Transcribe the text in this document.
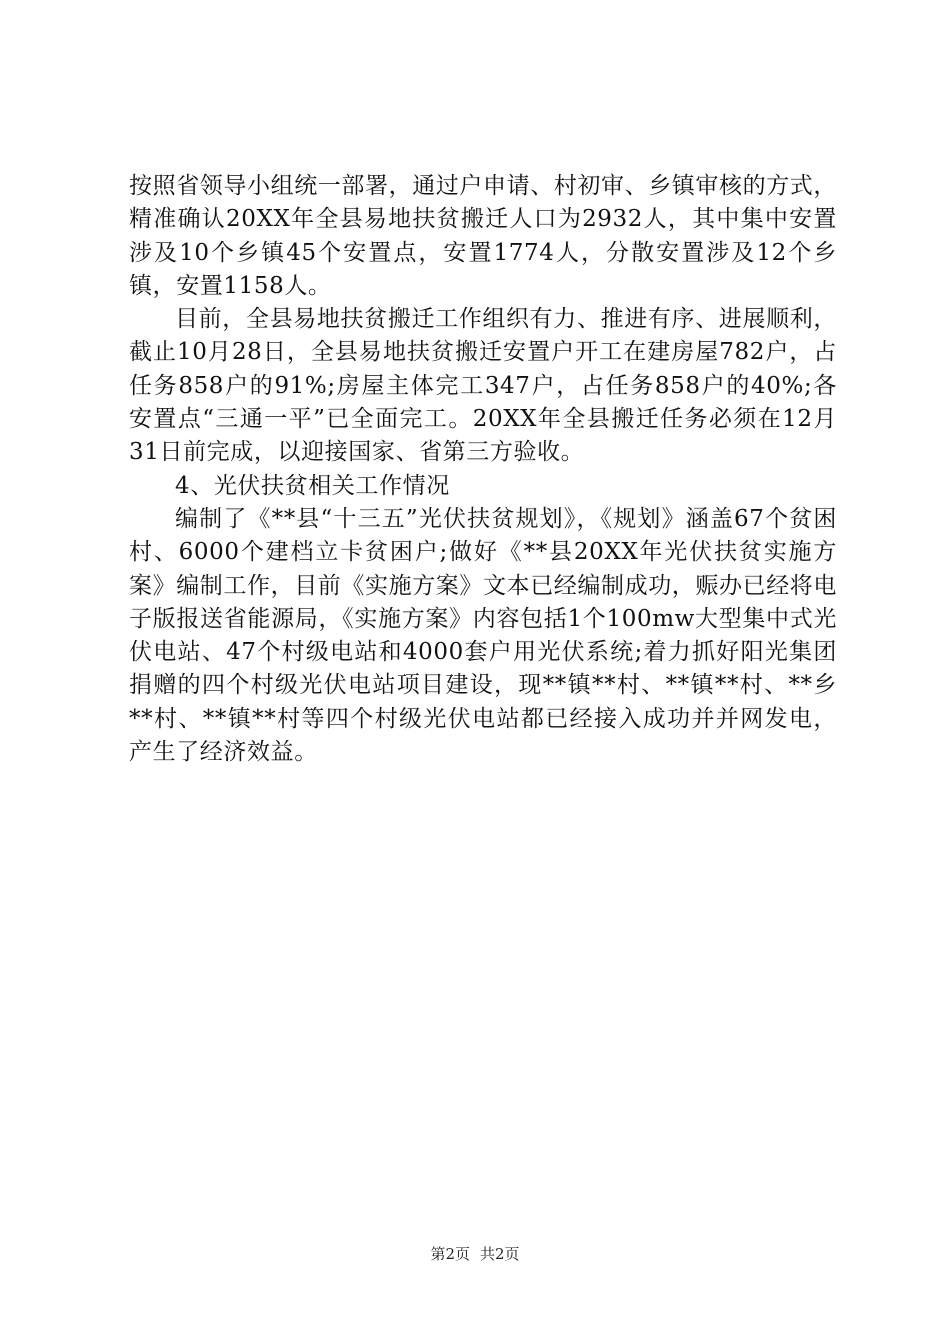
按照省领导小组统一部署，通过户申请、村初审、乡镇审核的方式，精准确认20XX年全县易地扶贫搬迁人口为2932人，其中集中安置涉及10个乡镇45个安置点，安置1774人，分散安置涉及12个乡镇，安置1158人。

目前，全县易地扶贫搬迁工作组织有力、推进有序、进展顺利，截止10月28日，全县易地扶贫搬迁安置户开工在建房屋782户，占任务858户的91%;房屋主体完工347户，占任务858户的40%;各安置点“三通一平”已全面完工。20XX年全县搬迁任务必须在12月31日前完成，以迎接国家、省第三方验收。

4、光伏扶贫相关工作情况

编制了《**县“十三五”光伏扶贫规划》，《规划》涵盖67个贫困村、6000个建档立卡贫困户;做好《**县20XX年光伏扶贫实施方案》编制工作，目前《实施方案》文本已经编制成功，赈办已经将电子版报送省能源局，《实施方案》内容包括1个100mw大型集中式光伏电站、47个村级电站和4000套户用光伏系统;着力抓好阳光集团捐赠的四个村级光伏电站项目建设，现**镇**村、**镇**村、**乡**村、**镇**村等四个村级光伏电站都已经接入成功并并网发电，产生了经济效益。

第2页 共2页
